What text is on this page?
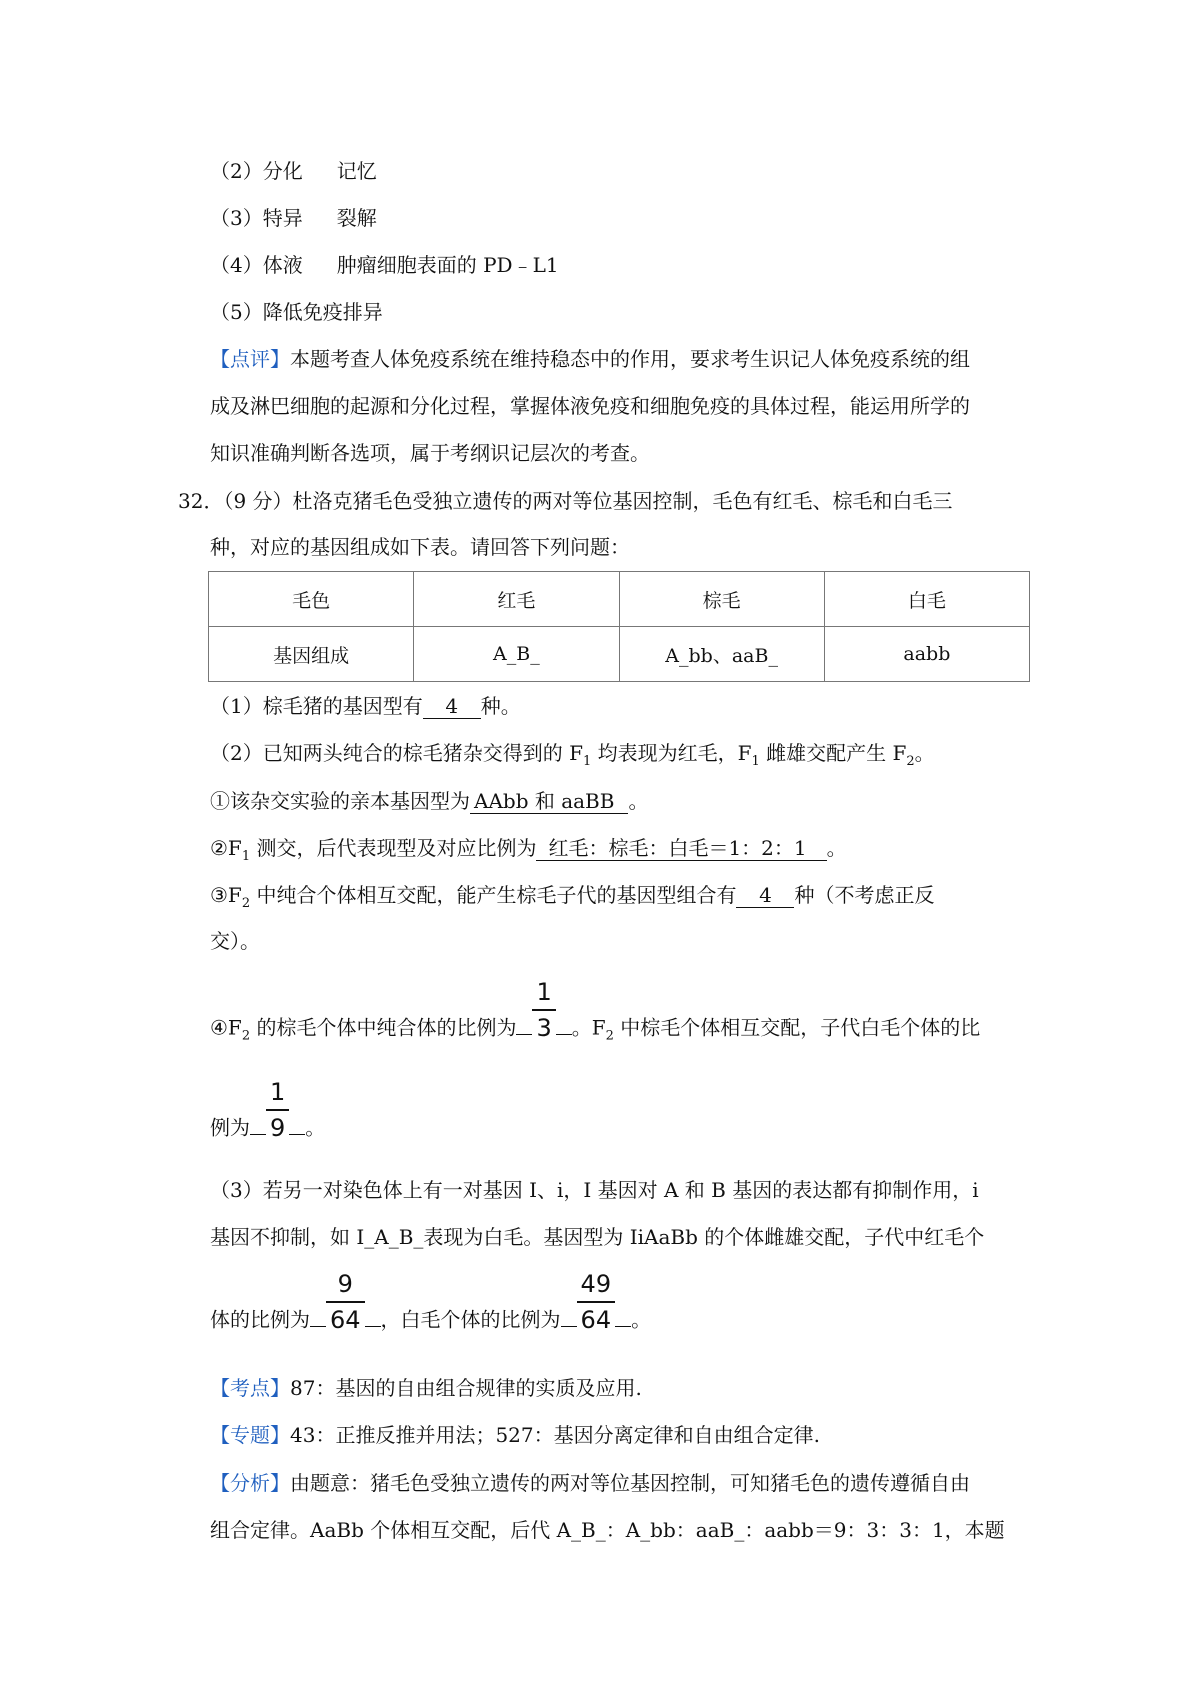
（2）分化 记忆
（3）特异 裂解
（4）体液 肿瘤细胞表面的 PD﹣L1
（5）降低免疫排异
【点评】本题考查人体免疫系统在维持稳态中的作用，要求考生识记人体免疫系统的组
成及淋巴细胞的起源和分化过程，掌握体液免疫和细胞免疫的具体过程，能运用所学的
知识准确判断各选项，属于考纲识记层次的考查。
32．（9 分）杜洛克猪毛色受独立遗传的两对等位基因控制，毛色有红毛、棕毛和白毛三
种，对应的基因组成如下表。请回答下列问题：
毛色	红毛	棕毛	白毛
基因组成	A_B_	A_bb、aaB_	aabb
（1）棕毛猪的基因型有 4 种。
（2）已知两头纯合的棕毛猪杂交得到的 $F_1$ 均表现为红毛，$F_1$ 雌雄交配产生 $F_2$。
①该杂交实验的亲本基因型为 AAbb 和 aaBB 。
$②F_1$ 测交，后代表现型及对应比例为 红毛：棕毛：白毛＝1：2：1 。
$③F_2$ 中纯合个体相互交配，能产生棕毛子代的基因型组合有 4 种（不考虑正反
交）。
$④F_2$ 的棕毛个体中纯合体的比例为 $\frac{1}{3}$ 。$F_2$ 中棕毛个体相互交配，子代白毛个体的比
例为 $\frac{1}{9}$ 。
（3）若另一对染色体上有一对基因 I、i，I 基因对 A 和 B 基因的表达都有抑制作用，i
基因不抑制，如 I_A_B_表现为白毛。基因型为 IiAaBb 的个体雌雄交配，子代中红毛个
体的比例为 $\frac{9}{64}$ ，白毛个体的比例为 $\frac{49}{64}$ 。
【考点】87：基因的自由组合规律的实质及应用.
【专题】43：正推反推并用法；527：基因分离定律和自由组合定律.
【分析】由题意：猪毛色受独立遗传的两对等位基因控制，可知猪毛色的遗传遵循自由
组合定律。AaBb 个体相互交配，后代 A_B_：A_bb：aaB_：aabb＝9：3：3：1，本题
